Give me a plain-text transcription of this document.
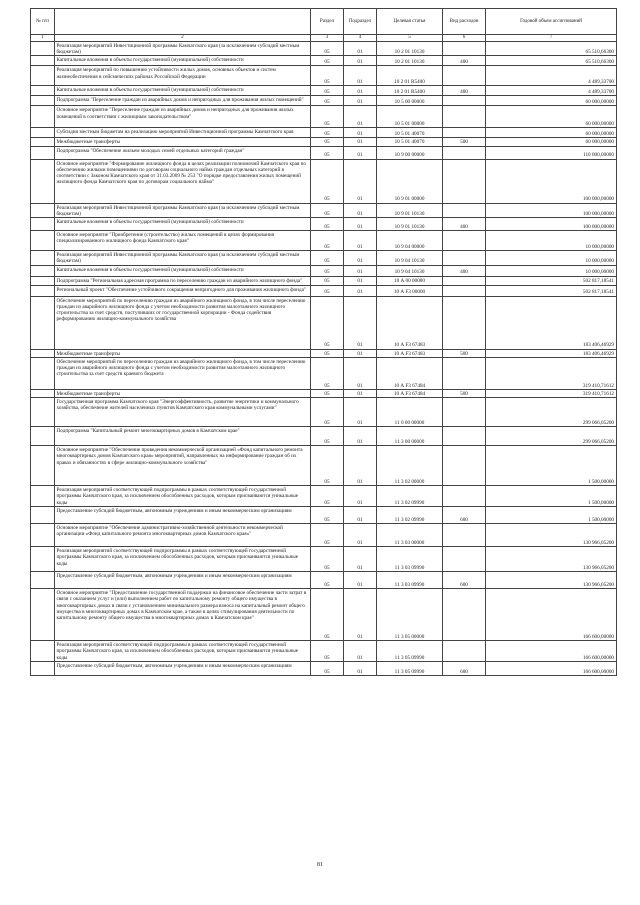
№ п/п		Раздел	Подраздел	Целевая статья	Вид расходов	Годовой объем ассигнований
1	2	3	4	5	6	7
	Реализация мероприятий Инвестиционной программы Камчатского края (за исключением субсидий местным бюджетам)	05	01	10 2 01 10130		65 510,66300
	Капитальные вложения в объекты государственной (муниципальной) собственности	05	01	10 2 01 10130	400	65 510,66300
	Реализация мероприятий по повышению устойчивости жилых домов, основных объектов и систем жизнеобеспечения в сейсмических районах Российской Федерации	05	01	10 2 01 R5400		4 489,33700
	Капитальные вложения в объекты государственной (муниципальной) собственности	05	01	10 2 01 R5400	400	4 489,33700
	Подпрограмма "Переселение граждан из аварийных домов и непригодных для проживания жилых помещений"	05	01	10 5 00 00000		60 000,00000
	Основное мероприятие "Переселение граждан из аварийных домов и непригодных для проживания жилых помещений в соответствии с жилищным законодательством"	05	01	10 5 01 00000		60 000,00000
	Субсидии местным бюджетам на реализацию мероприятий Инвестиционной программы Камчатского края	05	01	10 5 01 40070		60 000,00000
	Межбюджетные трансферты	05	01	10 5 01 40070	500	60 000,00000
	Подпрограмма "Обеспечение жильем молодых семей отдельных категорий граждан"	05	01	10 9 00 00000		110 000,00000
	Основное мероприятие "Формирование жилищного фонда в целях реализации полномочий Камчатского края по обеспечению жилыми помещениями по договорам социального найма граждан отдельных категорий в соответствии с Законом Камчатского края от 31.03.2009 № 253 "О порядке предоставления жилых помещений жилищного фонда Камчатского края по договорам социального найма"	05	01	10 9 01 00000		100 000,00000
	Реализация мероприятий Инвестиционной программы Камчатского края (за исключением субсидий местным бюджетам)	05	01	10 9 01 10130		100 000,00000
	Капитальные вложения в объекты государственной (муниципальной) собственности	05	01	10 9 01 10130	400	100 000,00000
	Основное мероприятие "Приобретение (строительство) жилых помещений в целях формирования специализированного жилищного фонда Камчатского края"	05	01	10 9 04 00000		10 000,00000
	Реализация мероприятий Инвестиционной программы Камчатского края (за исключением субсидий местным бюджетам)	05	01	10 9 04 10130		10 000,00000
	Капитальные вложения в объекты государственной (муниципальной) собственности	05	01	10 9 04 10130	400	10 000,00000
	Подпрограмма "Региональная адресная программа по переселению граждан из аварийного жилищного фонда"	05	01	10 А 00 00000		502 817,18541
	Региональный проект "Обеспечение устойчивого сокращения непригодного для проживания жилищного фонда"	05	01	10 А F3 00000		502 817,18541
	Обеспечение мероприятий по переселению граждан из аварийного жилищного фонда, в том числе переселению граждан из аварийного жилищного фонда с учетом необходимости развития малоэтажного жилищного строительства за счет средств, поступивших от государственной корпорации - Фонда содействия реформированию жилищно-коммунального хозяйства	05	01	10 А F3 67483		183 406,46929
	Межбюджетные трансферты	05	01	10 А F3 67483	500	183 406,46929
	Обеспечение мероприятий по переселению граждан из аварийного жилищного фонда, в том числе переселению граждан из аварийного жилищного фонда с учетом необходимости развития малоэтажного жилищного строительства за счет средств краевого бюджета	05	01	10 А F3 67484		319 410,71612
	Межбюджетные трансферты	05	01	10 А F3 67484	500	319 410,71612
	Государственная программа Камчатского края "Энергоэффективность, развитие энергетики и коммунального хозяйства, обеспечение жителей населенных пунктов Камчатского края коммунальными услугами"	05	01	11 0 00 00000		299 066,05200
	Подпрограмма "Капитальный ремонт многоквартирных домов в Камчатском крае"	05	01	11 3 00 00000		299 066,05200
	Основное мероприятие "Обеспечение проведения некоммерческой организацией «Фонд капитального ремонта многоквартирных домов Камчатского края» мероприятий, направленных на информирование граждан об их правах и обязанностях в сфере жилищно-коммунального хозяйства"	05	01	11 3 02 00000		1 500,00000
	Реализация мероприятий соответствующей подпрограммы в рамках соответствующей государственной программы Камчатского края, за исключением обособленных расходов, которым присваиваются уникальные коды	05	01	11 3 02 09990		1 500,00000
	Предоставление субсидий бюджетным, автономным учреждениям и иным некоммерческим организациям	05	01	11 3 02 09990	600	1 500,00000
	Основное мероприятие "Обеспечение административно-хозяйственной деятельности некоммерческой организации «Фонд капитального ремонта многоквартирных домов Камчатского края»"	05	01	11 3 03 00000		130 966,05200
	Реализация мероприятий соответствующей подпрограммы в рамках соответствующей государственной программы Камчатского края, за исключением обособленных расходов, которым присваиваются уникальные коды	05	01	11 3 03 09990		130 966,05200
	Предоставление субсидий бюджетным, автономным учреждениям и иным некоммерческим организациям	05	01	11 3 03 09990	600	130 966,05200
	Основное мероприятие "Предоставление государственной поддержки на финансовое обеспечение части затрат в связи с оказанием услуг и (или) выполнением работ по капитальному ремонту общего имущества в многоквартирных домах в связи с установлением минимального размера взноса на капитальный ремонт общего имущества в многоквартирных домах в Камчатском крае, а также в целях стимулирования деятельности по капитальному ремонту общего имущества в многоквартирных домах в Камчатском крае"	05	01	11 3 05 00000		166 600,00000
	Реализация мероприятий соответствующей подпрограммы в рамках соответствующей государственной программы Камчатского края, за исключением обособленных расходов, которым присваиваются уникальные коды	05	01	11 3 05 09990		166 600,00000
	Предоставление субсидий бюджетным, автономным учреждениям и иным некоммерческим организациям	05	01	11 3 05 09990	600	166 600,00000
81
